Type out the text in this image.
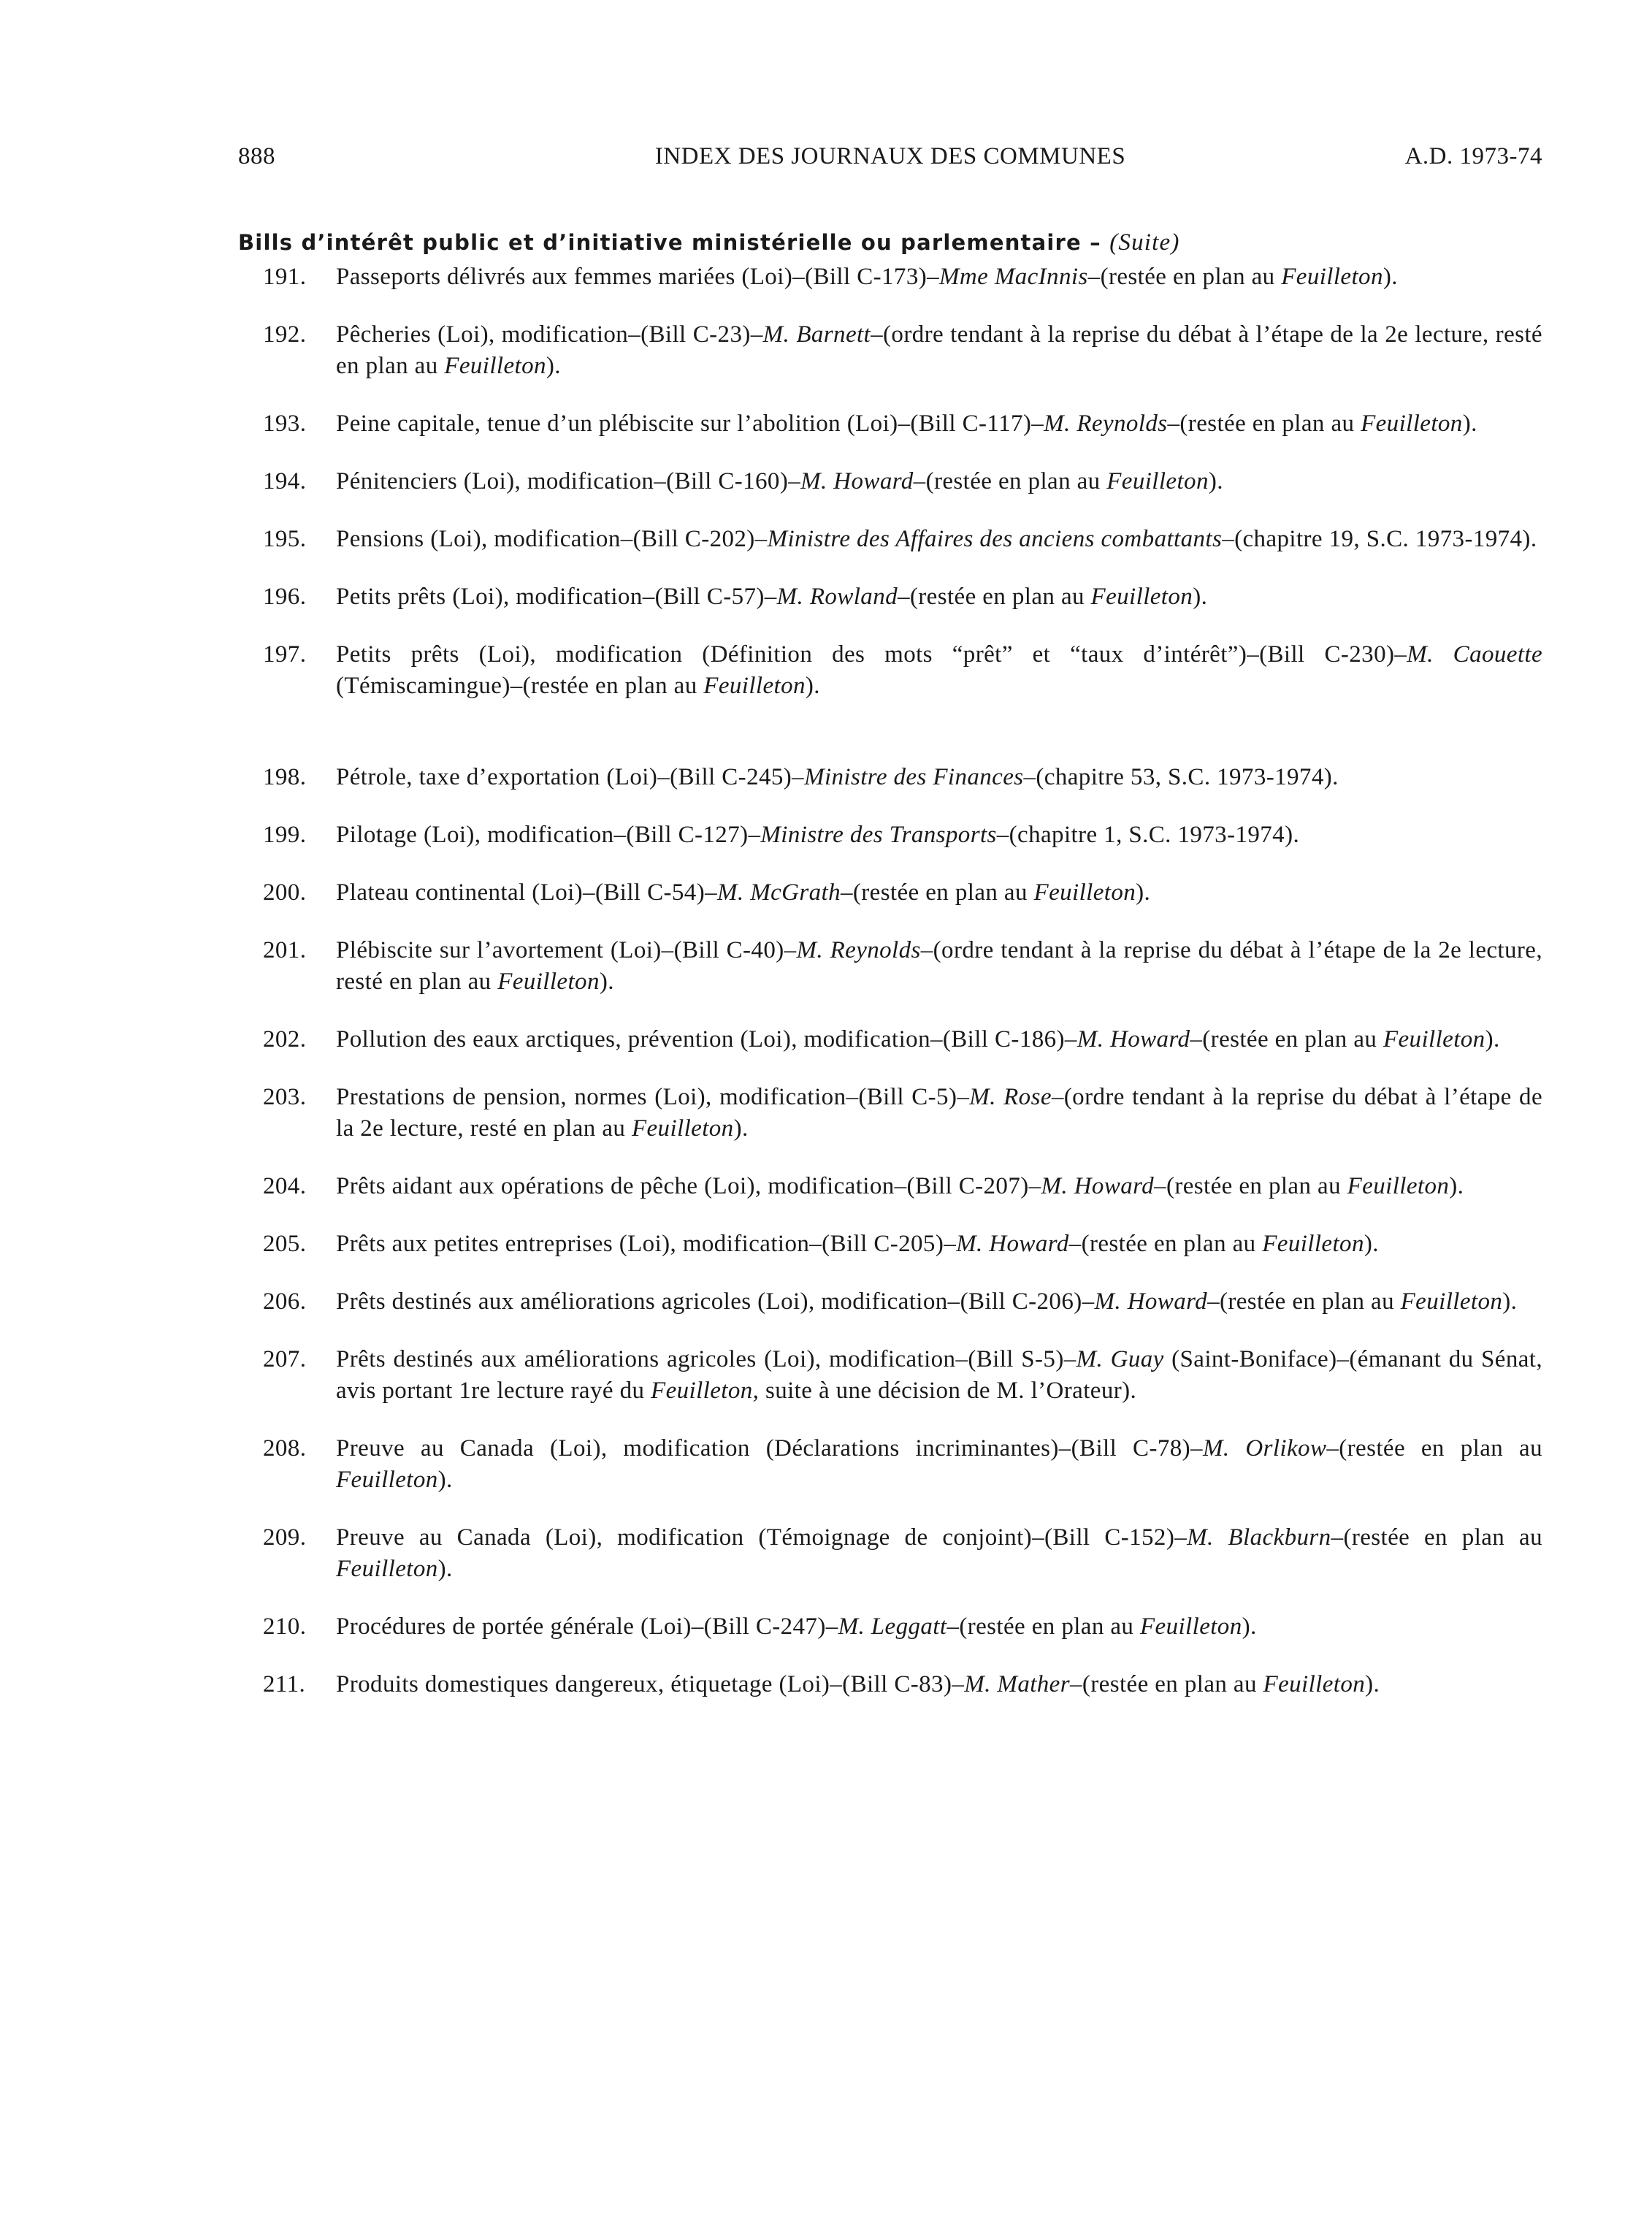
888	INDEX DES JOURNAUX DES COMMUNES	A.D. 1973-74
Bills d’intérêt public et d’initiative ministérielle ou parlementaire – (Suite)
191. Passeports délivrés aux femmes mariées (Loi)–(Bill C-173)–Mme MacInnis–(restée en plan au Feuilleton).
192. Pêcheries (Loi), modification–(Bill C-23)–M. Barnett–(ordre tendant à la reprise du débat à l’étape de la 2e lecture, resté en plan au Feuilleton).
193. Peine capitale, tenue d’un plébiscite sur l’abolition (Loi)–(Bill C-117)–M. Reynolds–(restée en plan au Feuilleton).
194. Pénitenciers (Loi), modification–(Bill C-160)–M. Howard–(restée en plan au Feuilleton).
195. Pensions (Loi), modification–(Bill C-202)–Ministre des Affaires des anciens combattants–(chapitre 19, S.C. 1973-1974).
196. Petits prêts (Loi), modification–(Bill C-57)–M. Rowland–(restée en plan au Feuilleton).
197. Petits prêts (Loi), modification (Définition des mots “prêt” et “taux d’intérêt”)–(Bill C-230)–M. Caouette (Témiscamingue)–(restée en plan au Feuilleton).
198. Pétrole, taxe d’exportation (Loi)–(Bill C-245)–Ministre des Finances–(chapitre 53, S.C. 1973-1974).
199. Pilotage (Loi), modification–(Bill C-127)–Ministre des Transports–(chapitre 1, S.C. 1973-1974).
200. Plateau continental (Loi)–(Bill C-54)–M. McGrath–(restée en plan au Feuilleton).
201. Plébiscite sur l’avortement (Loi)–(Bill C-40)–M. Reynolds–(ordre tendant à la reprise du débat à l’étape de la 2e lecture, resté en plan au Feuilleton).
202. Pollution des eaux arctiques, prévention (Loi), modification–(Bill C-186)–M. Howard–(restée en plan au Feuilleton).
203. Prestations de pension, normes (Loi), modification–(Bill C-5)–M. Rose–(ordre tendant à la reprise du débat à l’étape de la 2e lecture, resté en plan au Feuilleton).
204. Prêts aidant aux opérations de pêche (Loi), modification–(Bill C-207)–M. Howard–(restée en plan au Feuilleton).
205. Prêts aux petites entreprises (Loi), modification–(Bill C-205)–M. Howard–(restée en plan au Feuilleton).
206. Prêts destinés aux améliorations agricoles (Loi), modification–(Bill C-206)–M. Howard–(restée en plan au Feuilleton).
207. Prêts destinés aux améliorations agricoles (Loi), modification–(Bill S-5)–M. Guay (Saint-Boniface)–(émanant du Sénat, avis portant 1re lecture rayé du Feuilleton, suite à une décision de M. l’Orateur).
208. Preuve au Canada (Loi), modification (Déclarations incriminantes)–(Bill C-78)–M. Orlikow–(restée en plan au Feuilleton).
209. Preuve au Canada (Loi), modification (Témoignage de conjoint)–(Bill C-152)–M. Blackburn–(restée en plan au Feuilleton).
210. Procédures de portée générale (Loi)–(Bill C-247)–M. Leggatt–(restée en plan au Feuilleton).
211. Produits domestiques dangereux, étiquetage (Loi)–(Bill C-83)–M. Mather–(restée en plan au Feuilleton).
